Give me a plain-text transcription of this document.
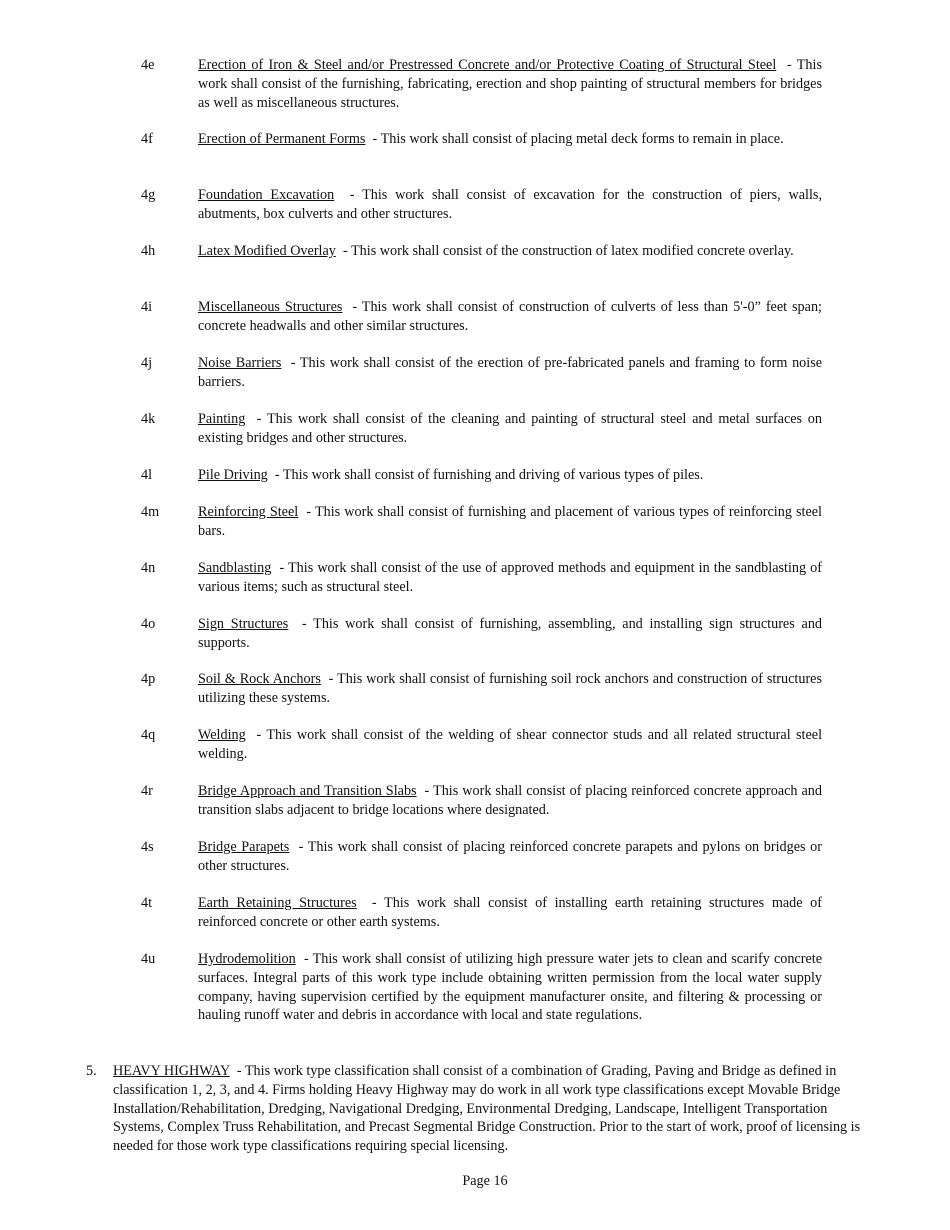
4e	Erection of Iron & Steel and/or Prestressed Concrete and/or Protective Coating of Structural Steel  - This work shall consist of the furnishing, fabricating, erection and shop painting of structural members for bridges as well as miscellaneous structures.
4f	Erection of Permanent Forms  - This work shall consist of placing metal deck forms to remain in place.
4g	Foundation Excavation  - This work shall consist of excavation for the construction of piers, walls, abutments, box culverts and other structures.
4h	Latex Modified Overlay  - This work shall consist of the construction of latex modified concrete overlay.
4i	Miscellaneous Structures  - This work shall consist of construction of culverts of less than 5'-0” feet span; concrete headwalls and other similar structures.
4j	Noise Barriers  - This work shall consist of the erection of pre-fabricated panels and framing to form noise barriers.
4k	Painting  - This work shall consist of the cleaning and painting of structural steel and metal surfaces on existing bridges and other structures.
4l	Pile Driving  - This work shall consist of furnishing and driving of various types of piles.
4m	Reinforcing Steel  - This work shall consist of furnishing and placement of various types of reinforcing steel bars.
4n	Sandblasting  - This work shall consist of the use of approved methods and equipment in the sandblasting of various items; such as structural steel.
4o	Sign Structures  - This work shall consist of furnishing, assembling, and installing sign structures and supports.
4p	Soil & Rock Anchors  - This work shall consist of furnishing soil rock anchors and construction of structures utilizing these systems.
4q	Welding  - This work shall consist of the welding of shear connector studs and all related structural steel welding.
4r	Bridge Approach and Transition Slabs  - This work shall consist of placing reinforced concrete approach and transition slabs adjacent to bridge locations where designated.
4s	Bridge Parapets  - This work shall consist of placing reinforced concrete parapets and pylons on bridges or other structures.
4t	Earth Retaining Structures  - This work shall consist of installing earth retaining structures made of reinforced concrete or other earth systems.
4u	Hydrodemolition  - This work shall consist of utilizing high pressure water jets to clean and scarify concrete surfaces. Integral parts of this work type include obtaining written permission from the local water supply company, having supervision certified by the equipment manufacturer onsite, and filtering & processing or hauling runoff water and debris in accordance with local and state regulations.
5. HEAVY HIGHWAY  - This work type classification shall consist of a combination of Grading, Paving and Bridge as defined in classification 1, 2, 3, and 4. Firms holding Heavy Highway may do work in all work type classifications except Movable Bridge Installation/Rehabilitation, Dredging, Navigational Dredging, Environmental Dredging, Landscape, Intelligent Transportation Systems, Complex Truss Rehabilitation, and Precast Segmental Bridge Construction. Prior to the start of work, proof of licensing is needed for those work type classifications requiring special licensing.
Page 16
